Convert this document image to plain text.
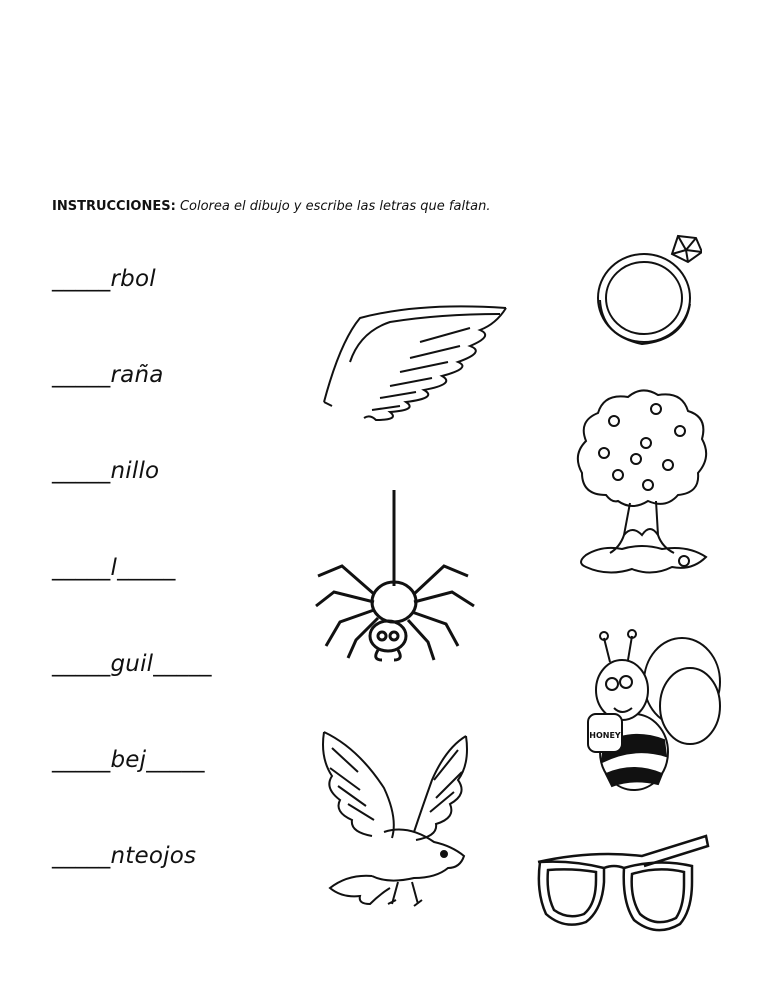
INSTRUCCIONES: Colorea el dibujo y escribe las letras que faltan.
_____rbol
_____raña
_____nillo
_____l_____
_____guil_____
_____bej_____
_____nteojos
HONEY
